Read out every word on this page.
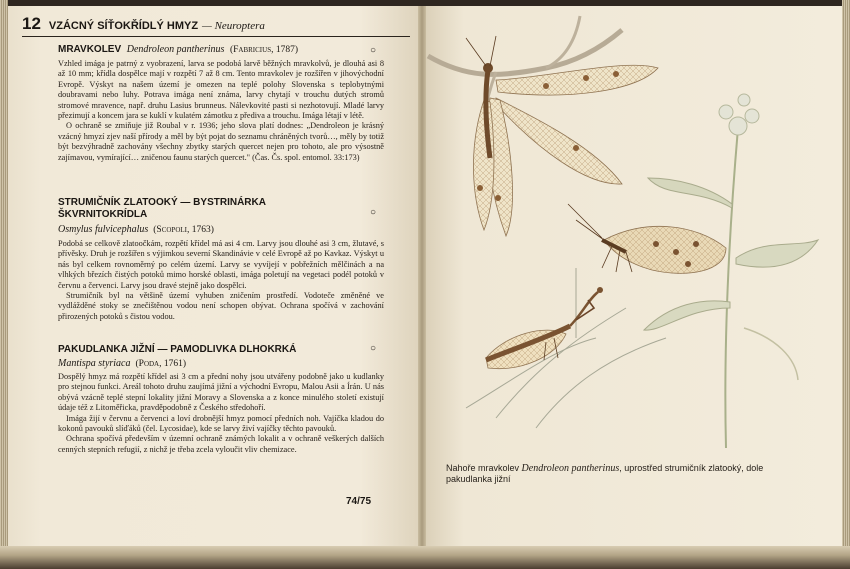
12 VZÁCNÝ SÍŤOKŘÍDLÝ HMYZ — Neuroptera
MRAVKOLEV Dendroleon pantherinus (Fabricius, 1787)

Vzhled imága je patrný z vyobrazení, larva se podobá larvě běžných mravkolvů, je dlouhá asi 8 až 10 mm; křídla dospělce mají v rozpětí 7 až 8 cm. Tento mravkolev je rozšířen v jihovýchodní Evropě. Výskyt na našem území je omezen na teplé polohy Slovenska s teplobytnými doubravami nebo luhy. Potrava imága není známa, larvy chytají v trouchu dutých stromů stromové mravence, např. druhu Lasius brunneus. Nálevkovité pasti si nezhotovují. Mladé larvy přezimují a koncem jara se kuklí v kulatém zámotku z přediva a trouchu. Imága létají v létě.

O ochraně se zmiňuje již Roubal v r. 1936; jeho slova platí dodnes: „Dendroleon je krásný vzácný hmyzí zjev naší přírody a měl by být pojat do seznamu chráněných tvorů…, měly by totiž být bezvýhradně zachovány všechny zbytky starých quercet nejen pro tohoto, ale pro výsostně zajímavou, vymírající… zničenou faunu starých quercet." (Čas. Čs. spol. entomol. 33:173)

○
STRUMIČNÍK ZLATOOKÝ — BYSTRINÁRKA ŠKVRNITOKRÍDLA
Osmylus fulvicephalus (Scopoli, 1763)

Podobá se celkově zlatoočkám, rozpětí křídel má asi 4 cm. Larvy jsou dlouhé asi 3 cm, žlutavé, s přívěsky. Druh je rozšířen s výjimkou severní Skandinávie v celé Evropě až po Kavkaz. Výskyt u nás byl celkem rovnoměrný po celém území. Larvy se vyvíjejí v pobřežních mělčinách a na vlhkých březích čistých potoků mimo horské oblasti, imága poletují na vegetaci podél potoků v červnu a červenci. Larvy jsou dravé stejně jako dospělci.

Strumičník byl na většině území vyhuben zničením prostředí. Vodoteče změněné ve vydlážděné stoky se znečištěnou vodou není schopen obývat. Ochrana spočívá v zachování přirozených potoků s čistou vodou.

○
PAKUDLANKA JIŽNÍ — PAMODLIVKA DLHOKRKÁ
Mantispa styriaca (Poda, 1761)

Dospělý hmyz má rozpětí křídel asi 3 cm a přední nohy jsou utvářeny podobně jako u kudlanky pro stejnou funkci. Areál tohoto druhu zaujímá jižní a východní Evropu, Malou Asii a Írán. U nás obývá vzácně teplé stepní lokality jižní Moravy a Slovenska a z konce minulého století existují údaje též z Litoměřicka, pravděpodobně z Českého středohoří.

Imága žijí v červnu a červenci a loví drobnější hmyz pomocí předních noh. Vajíčka kladou do kokonů pavouků slíďáků (čel. Lycosidae), kde se larvy živí vajíčky těchto pavouků.

Ochrana spočívá především v územní ochraně známých lokalit a v ochraně veškerých dalších cenných stepních refugií, z nichž je třeba zcela vyloučit vliv chemizace.

○
74/75
Nahoře mravkolev Dendroleon pantherinus, uprostřed strumičník zlatooký, dole pakudlanka jižní
